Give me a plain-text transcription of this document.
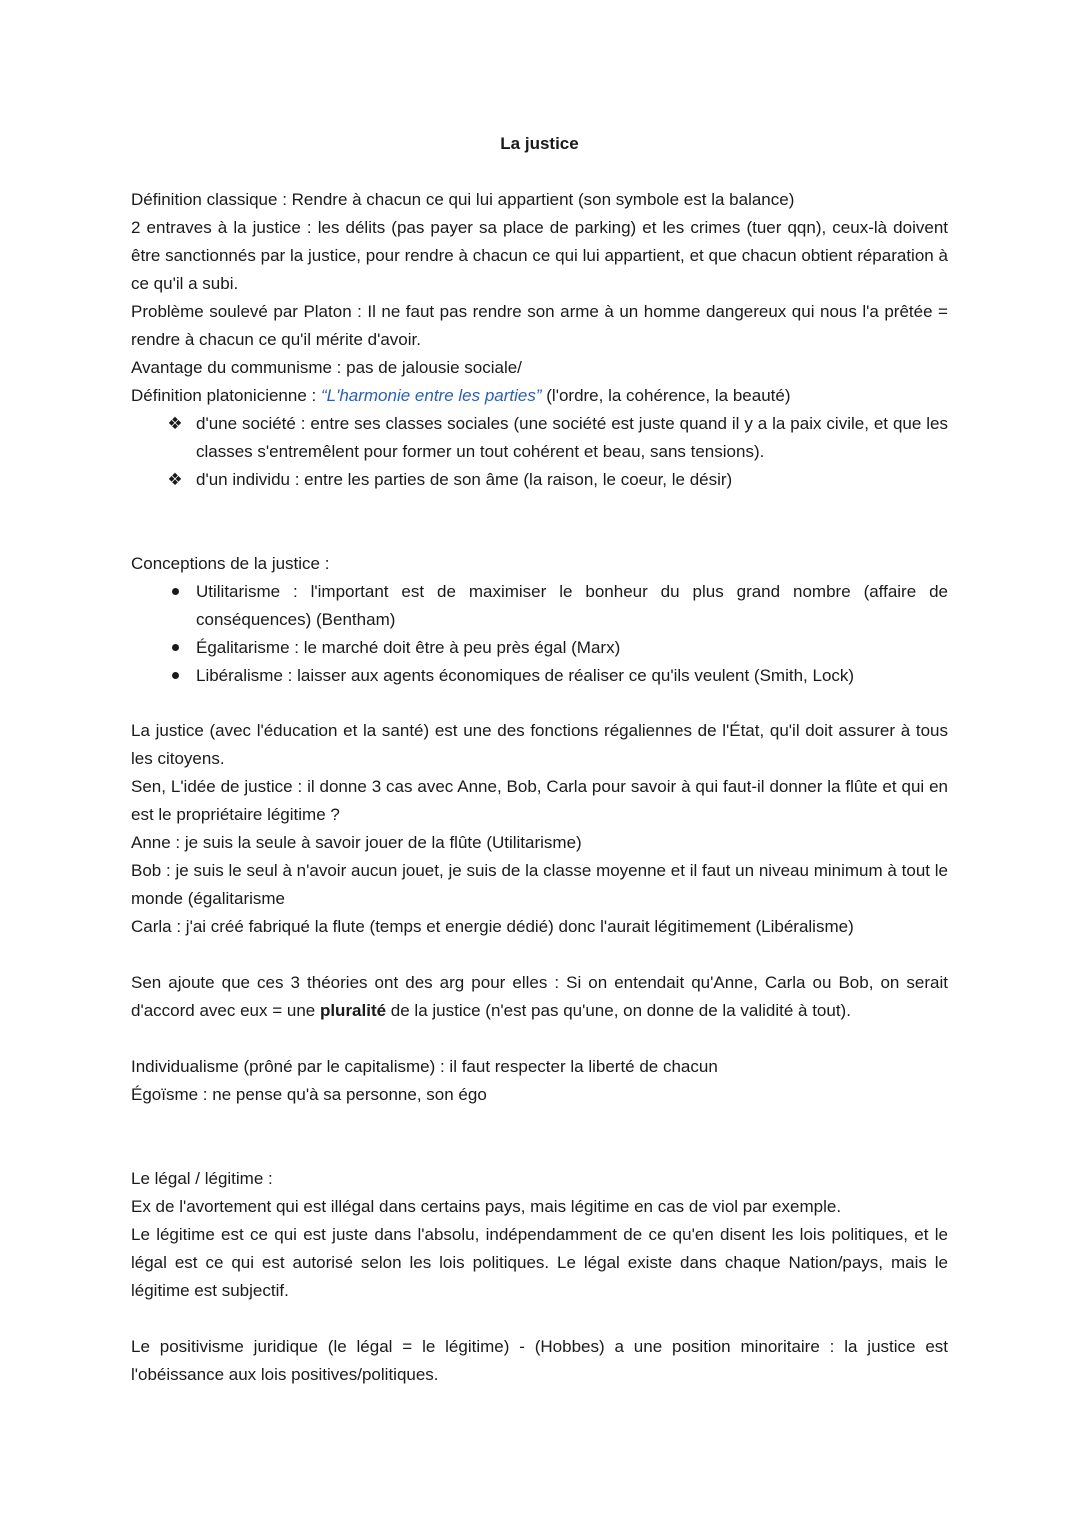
La justice

Définition classique : Rendre à chacun ce qui lui appartient (son symbole est la balance)

2 entraves à la justice : les délits (pas payer sa place de parking) et les crimes (tuer qqn), ceux-là doivent être sanctionnés par la justice, pour rendre à chacun ce qui lui appartient, et que chacun obtient réparation à ce qu'il a subi.

Problème soulevé par Platon : Il ne faut pas rendre son arme à un homme dangereux qui nous l'a prêtée = rendre à chacun ce qu'il mérite d'avoir.

Avantage du communisme : pas de jalousie sociale/

Définition platonicienne : “L'harmonie entre les parties” (l'ordre, la cohérence, la beauté)

❖ d'une société : entre ses classes sociales (une société est juste quand il y a la paix civile, et que les classes s'entremêlent pour former un tout cohérent et beau, sans tensions).
❖ d'un individu : entre les parties de son âme (la raison, le coeur, le désir)

Conceptions de la justice :

Utilitarisme : l'important est de maximiser le bonheur du plus grand nombre (affaire de conséquences) (Bentham)
Égalitarisme : le marché doit être à peu près égal (Marx)
Libéralisme : laisser aux agents économiques de réaliser ce qu'ils veulent (Smith, Lock)

La justice (avec l'éducation et la santé) est une des fonctions régaliennes de l'État, qu'il doit assurer à tous les citoyens.

Sen, L'idée de justice : il donne 3 cas avec Anne, Bob, Carla pour savoir à qui faut-il donner la flûte et qui en est le propriétaire légitime ?

Anne : je suis la seule à savoir jouer de la flûte (Utilitarisme)

Bob : je suis le seul à n'avoir aucun jouet, je suis de la classe moyenne et il faut un niveau minimum à tout le monde (égalitarisme

Carla : j'ai créé fabriqué la flute (temps et energie dédié) donc l'aurait légitimement (Libéralisme)

Sen ajoute que ces 3 théories ont des arg pour elles : Si on entendait qu'Anne, Carla ou Bob, on serait d'accord avec eux = une pluralité de la justice (n'est pas qu'une, on donne de la validité à tout).

Individualisme (prôné par le capitalisme) : il faut respecter la liberté de chacun

Égoïsme : ne pense qu'à sa personne, son égo

Le légal / légitime :

Ex de l'avortement qui est illégal dans certains pays, mais légitime en cas de viol par exemple.

Le légitime est ce qui est juste dans l'absolu, indépendamment de ce qu'en disent les lois politiques, et le légal est ce qui est autorisé selon les lois politiques. Le légal existe dans chaque Nation/pays, mais le légitime est subjectif.

Le positivisme juridique (le légal = le légitime) - (Hobbes) a une position minoritaire : la justice est l'obéissance aux lois positives/politiques.
